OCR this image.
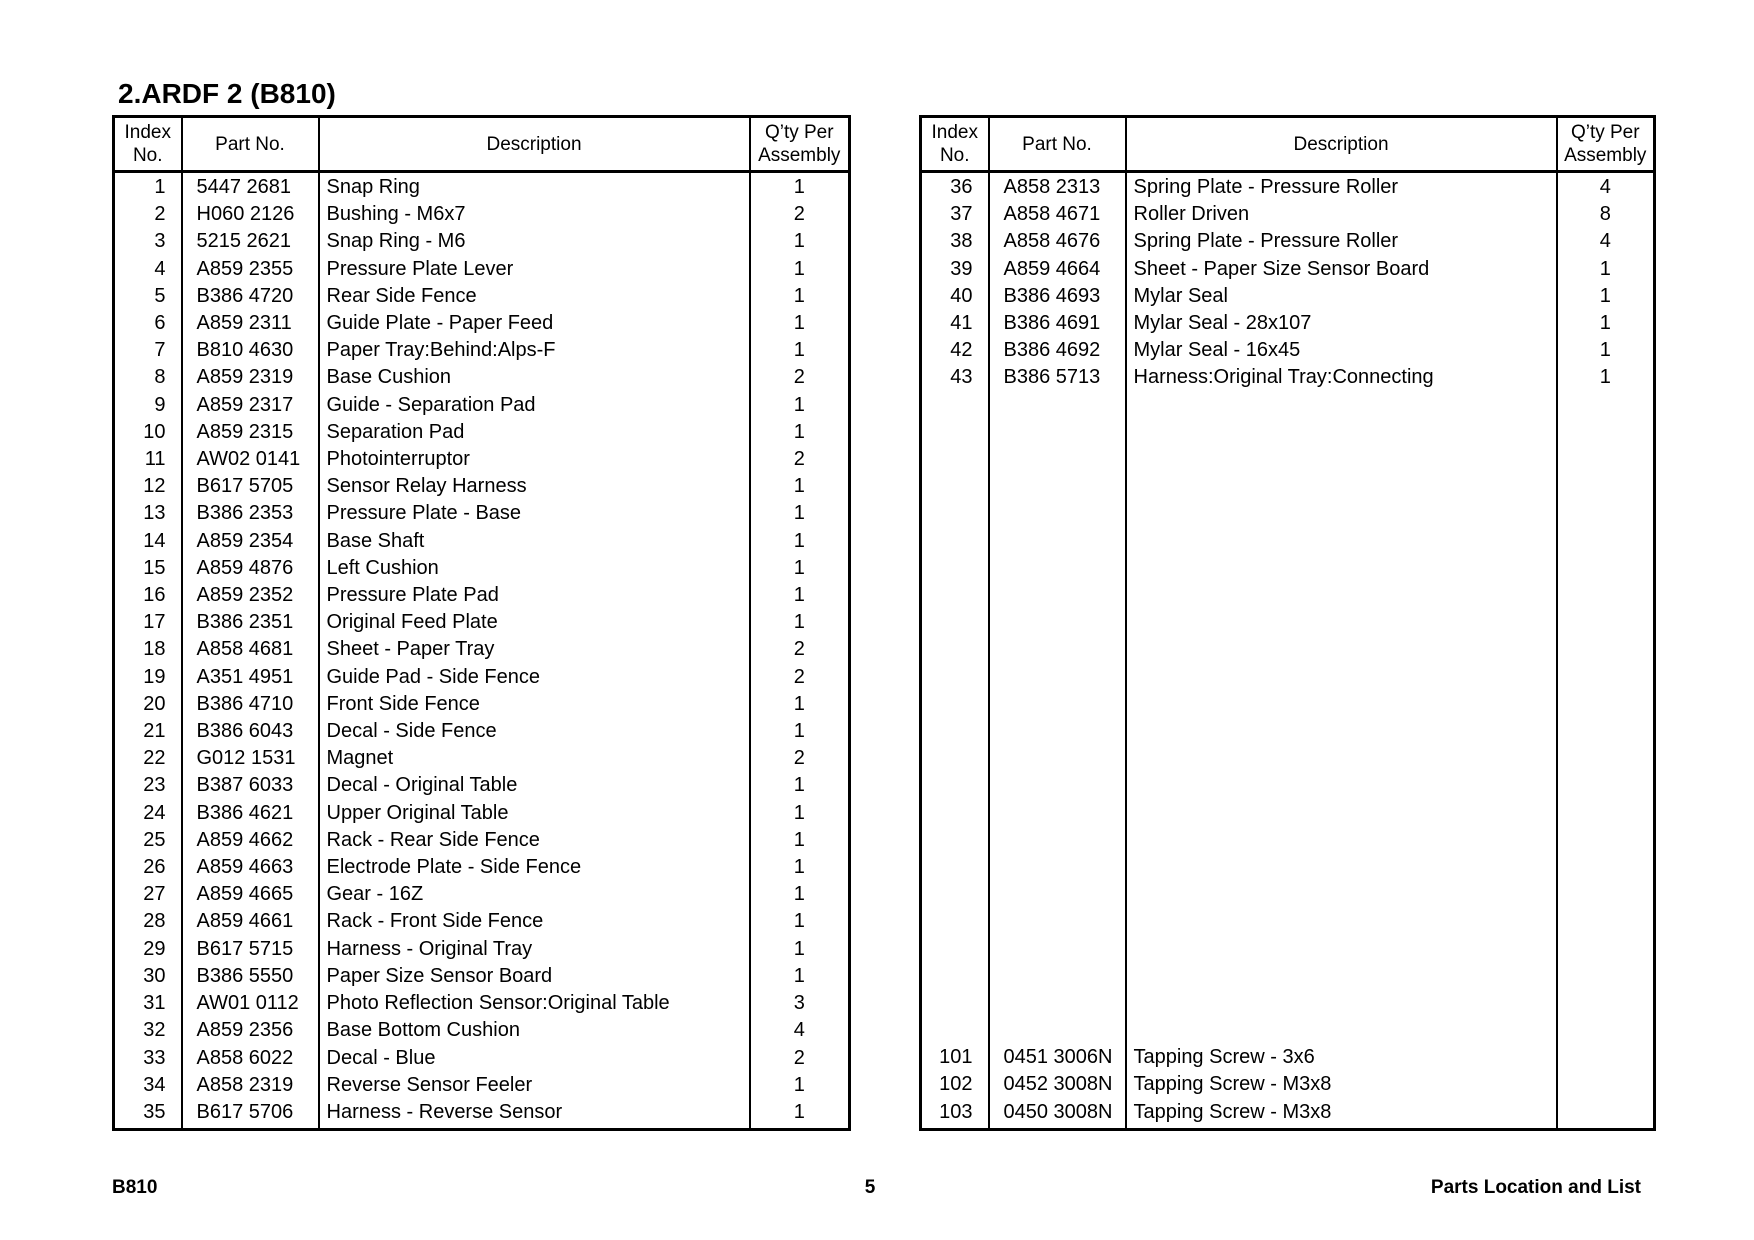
2.ARDF 2 (B810)
Index
No.	Part No.	Description	Q’ty Per
Assembly
1	5447 2681	Snap Ring	1
2	H060 2126	Bushing - M6x7	2
3	5215 2621	Snap Ring - M6	1
4	A859 2355	Pressure Plate Lever	1
5	B386 4720	Rear Side Fence	1
6	A859 2311	Guide Plate - Paper Feed	1
7	B810 4630	Paper Tray:Behind:Alps-F	1
8	A859 2319	Base Cushion	2
9	A859 2317	Guide - Separation Pad	1
10	A859 2315	Separation Pad	1
11	AW02 0141	Photointerruptor	2
12	B617 5705	Sensor Relay Harness	1
13	B386 2353	Pressure Plate - Base	1
14	A859 2354	Base Shaft	1
15	A859 4876	Left Cushion	1
16	A859 2352	Pressure Plate Pad	1
17	B386 2351	Original Feed Plate	1
18	A858 4681	Sheet - Paper Tray	2
19	A351 4951	Guide Pad - Side Fence	2
20	B386 4710	Front Side Fence	1
21	B386 6043	Decal - Side Fence	1
22	G012 1531	Magnet	2
23	B387 6033	Decal - Original Table	1
24	B386 4621	Upper Original Table	1
25	A859 4662	Rack - Rear Side Fence	1
26	A859 4663	Electrode Plate - Side Fence	1
27	A859 4665	Gear - 16Z	1
28	A859 4661	Rack - Front Side Fence	1
29	B617 5715	Harness - Original Tray	1
30	B386 5550	Paper Size Sensor Board	1
31	AW01 0112	Photo Reflection Sensor:Original Table	3
32	A859 2356	Base Bottom Cushion	4
33	A858 6022	Decal - Blue	2
34	A858 2319	Reverse Sensor Feeler	1
35	B617 5706	Harness - Reverse Sensor	1
Index
No.	Part No.	Description	Q’ty Per
Assembly
36	A858 2313	Spring Plate - Pressure Roller	4
37	A858 4671	Roller Driven	8
38	A858 4676	Spring Plate - Pressure Roller	4
39	A859 4664	Sheet - Paper Size Sensor Board	1
40	B386 4693	Mylar Seal	1
41	B386 4691	Mylar Seal - 28x107	1
42	B386 4692	Mylar Seal - 16x45	1
43	B386 5713	Harness:Original Tray:Connecting	1

101	0451 3006N	Tapping Screw - 3x6	
102	0452 3008N	Tapping Screw - M3x8	
103	0450 3008N	Tapping Screw - M3x8	
B810	5	Parts Location and List
